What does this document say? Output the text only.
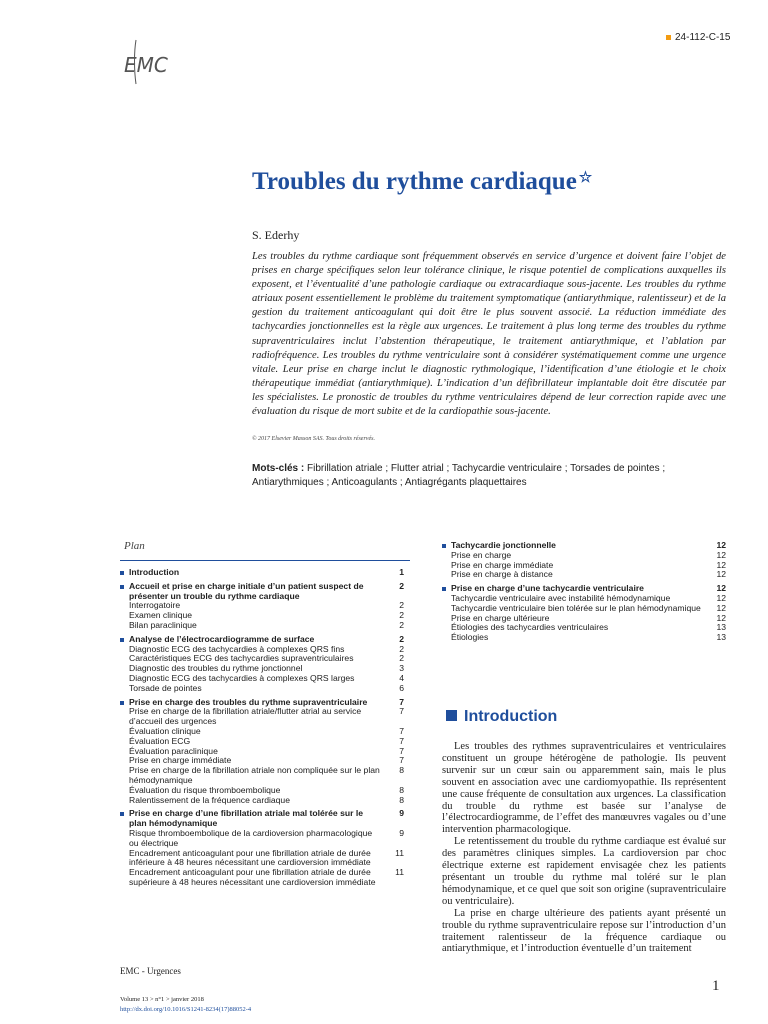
24-112-C-15
EMC
Troubles du rythme cardiaque ☆
S. Ederhy

Les troubles du rythme cardiaque sont fréquemment observés en service d’urgence et doivent faire l’objet de prises en charge spécifiques selon leur tolérance clinique, le risque potentiel de complications auxquelles ils exposent, et l’éventualité d’une pathologie cardiaque ou extracardiaque sous-jacente. Les troubles du rythme atriaux posent essentiellement le problème du traitement symptomatique (antiarythmique, ralentisseur) et de la gestion du traitement anticoagulant qui doit être le plus souvent associé. La réduction immédiate des tachycardies jonctionnelles est la règle aux urgences. Le traitement à plus long terme des troubles du rythme supraventriculaires inclut l’abstention thérapeutique, le traitement antiarythmique, et l’ablation par radiofréquence. Les troubles du rythme ventriculaire sont à considérer systématiquement comme une urgence vitale. Leur prise en charge inclut le diagnostic rythmologique, l’identification d’une étiologie et le choix thérapeutique immédiat (antiarythmique). L’indication d’un défibrillateur implantable doit être discutée par les spécialistes. Le pronostic de troubles du rythme ventriculaires dépend de leur correction rapide avec une évaluation du risque de mort subite et de la cardiopathie sous-jacente.

© 2017 Elsevier Masson SAS. Tous droits réservés.
Mots-clés : Fibrillation atriale ; Flutter atrial ; Tachycardie ventriculaire ; Torsades de pointes ; Antiarythmiques ; Anticoagulants ; Antiagrégants plaquettaires
Plan
Introduction	1
Accueil et prise en charge initiale d’un patient suspect de présenter un trouble du rythme cardiaque
2
Interrogatoire	2
Examen clinique	2
Bilan paraclinique	2
Analyse de l’électrocardiogramme de surface	2
Diagnostic ECG des tachycardies à complexes QRS fins	2
Caractéristiques ECG des tachycardies supraventriculaires	2
Diagnostic des troubles du rythme jonctionnel	3
Diagnostic ECG des tachycardies à complexes QRS larges	4
Torsade de pointes	6
Prise en charge des troubles du rythme supraventriculaire	7
Prise en charge de la fibrillation atriale/flutter atrial au service d’accueil des urgences
7
Évaluation clinique	7
Évaluation ECG	7
Évaluation paraclinique	7
Prise en charge immédiate	7
Prise en charge de la fibrillation atriale non compliquée sur le plan hémodynamique
8
Évaluation du risque thromboembolique	8
Ralentissement de la fréquence cardiaque	8
Prise en charge d’une fibrillation atriale mal tolérée sur le plan hémodynamique
9
Risque thromboembolique de la cardioversion pharmacologique ou électrique
9
Encadrement anticoagulant pour une fibrillation atriale de durée inférieure à 48 heures nécessitant une cardioversion immédiate
11
Encadrement anticoagulant pour une fibrillation atriale de durée supérieure à 48 heures nécessitant une cardioversion immédiate
11
Tachycardie jonctionnelle	12
Prise en charge	12
Prise en charge immédiate	12
Prise en charge à distance	12
Prise en charge d’une tachycardie ventriculaire	12
Tachycardie ventriculaire avec instabilité hémodynamique	12
Tachycardie ventriculaire bien tolérée sur le plan hémodynamique 12
Prise en charge ultérieure	12
Étiologies des tachycardies ventriculaires	13
Étiologies	13
Introduction

Les troubles des rythmes supraventriculaires et ventriculaires constituent un groupe hétérogène de pathologie. Ils peuvent survenir sur un cœur sain ou apparemment sain, mais le plus souvent en association avec une cardiomyopathie. Ils représentent une cause fréquente de consultation aux urgences. La classification du trouble du rythme est basée sur l’analyse de l’électrocardiogramme, de l’effet des manœuvres vagales ou d’une intervention pharmacologique.

Le retentissement du trouble du rythme cardiaque est évalué sur des paramètres cliniques simples. La cardioversion par choc électrique externe est rapidement envisagée chez les patients présentant un trouble du rythme mal toléré sur le plan hémodynamique, et ce quel que soit son origine (supraventriculaire ou ventriculaire).

La prise en charge ultérieure des patients ayant présenté un trouble du rythme supraventriculaire repose sur l’introduction d’un traitement ralentisseur de la fréquence cardiaque ou antiarythmique, et l’introduction éventuelle d’un traitement

EMC - Urgences
Volume 13 > n°1 > janvier 2018
http://dx.doi.org/10.1016/S1241-8234(17)88052-4
1
